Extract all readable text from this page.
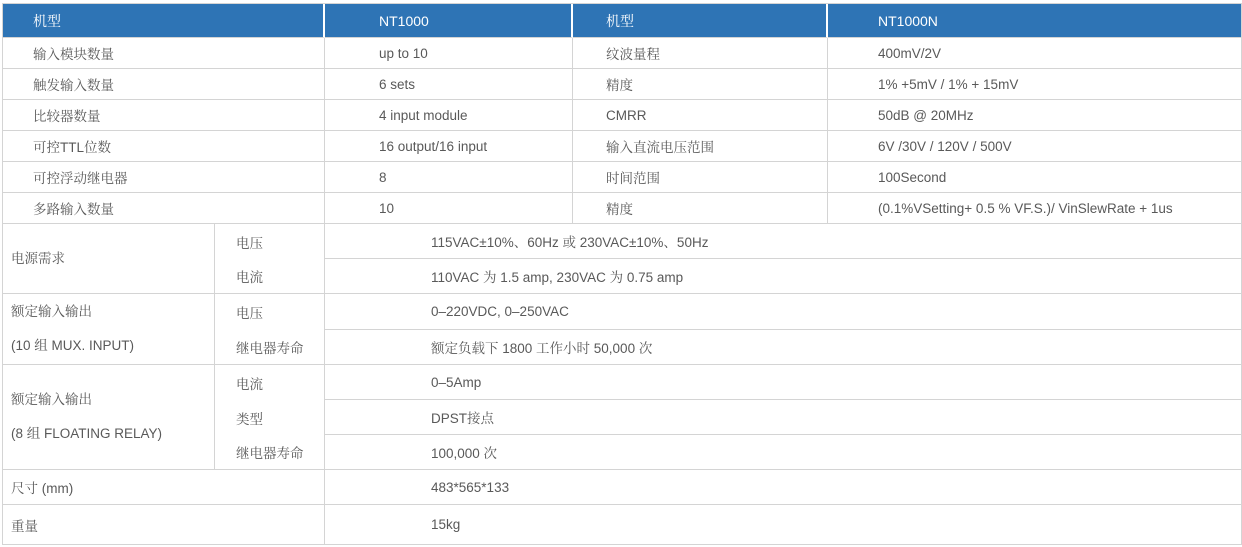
机型		NT1000	机型	NT1000N
输入模块数量		up to 10	纹波量程	400mV/2V
触发输入数量		6 sets	精度	1% +5mV / 1% + 15mV
比较器数量		4 input module	CMRR	50dB @ 20MHz
可控TTL位数		16 output/16 input	输入直流电压范围	6V /30V / 120V / 500V
可控浮动继电器		8	时间范围	100Second
多路输入数量		10	精度	(0.1%VSetting+ 0.5 % VF.S.)/ VinSlewRate + 1us

电源需求	电压	115VAC±10%、60Hz 或 230VAC±10%、50Hz		
	电流	110VAC 为 1.5 amp, 230VAC 为 0.75 amp		

额定输入输出
(10 组 MUX. INPUT)	电压	0–220VDC, 0–250VAC		
	继电器寿命	额定负载下 1800 工作小时 50,000 次		

额定输入输出
(8 组 FLOATING RELAY)	电流	0–5Amp		
	类型	DPST接点		
	继电器寿命	100,000 次		
尺寸 (mm)		483*565*133		
重量		15kg		
